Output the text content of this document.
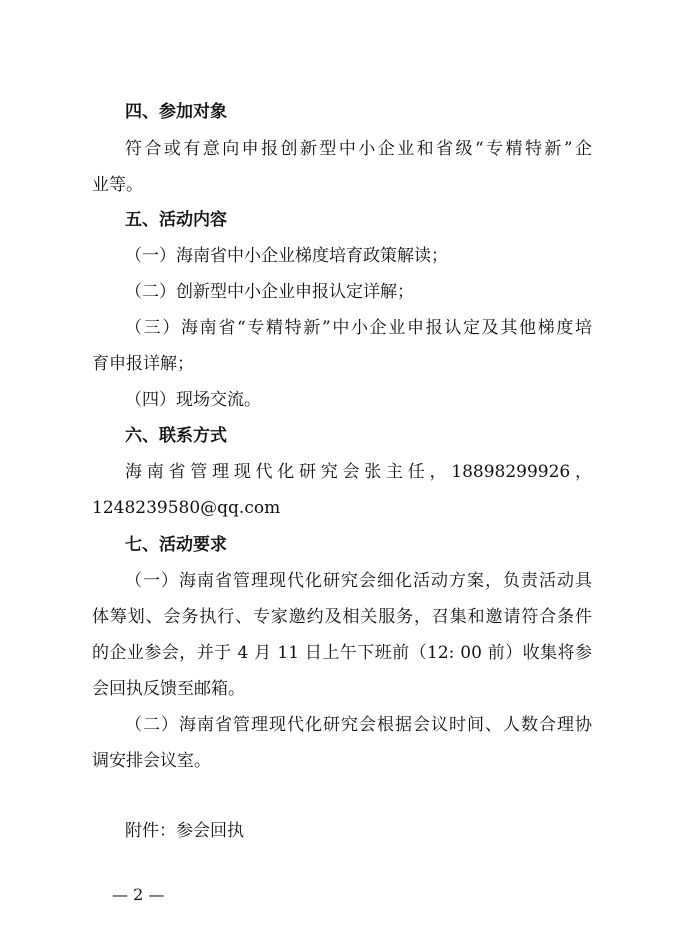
四、参加对象
符合或有意向申报创新型中小企业和省级“专精特新”企
业等。
五、活动内容
（一）海南省中小企业梯度培育政策解读；
（二）创新型中小企业申报认定详解；
（三）海南省“专精特新”中小企业申报认定及其他梯度培
育申报详解；
（四）现场交流。
六、联系方式
海南省管理现代化研究会张主任，18898299926，
1248239580@qq.com
七、活动要求
（一）海南省管理现代化研究会细化活动方案，负责活动具
体筹划、会务执行、专家邀约及相关服务，召集和邀请符合条件
的企业参会，并于 4 月 11 日上午下班前（12: 00 前）收集将参
会回执反馈至邮箱。
（二）海南省管理现代化研究会根据会议时间、人数合理协
调安排会议室。
附件：参会回执
— 2 —
